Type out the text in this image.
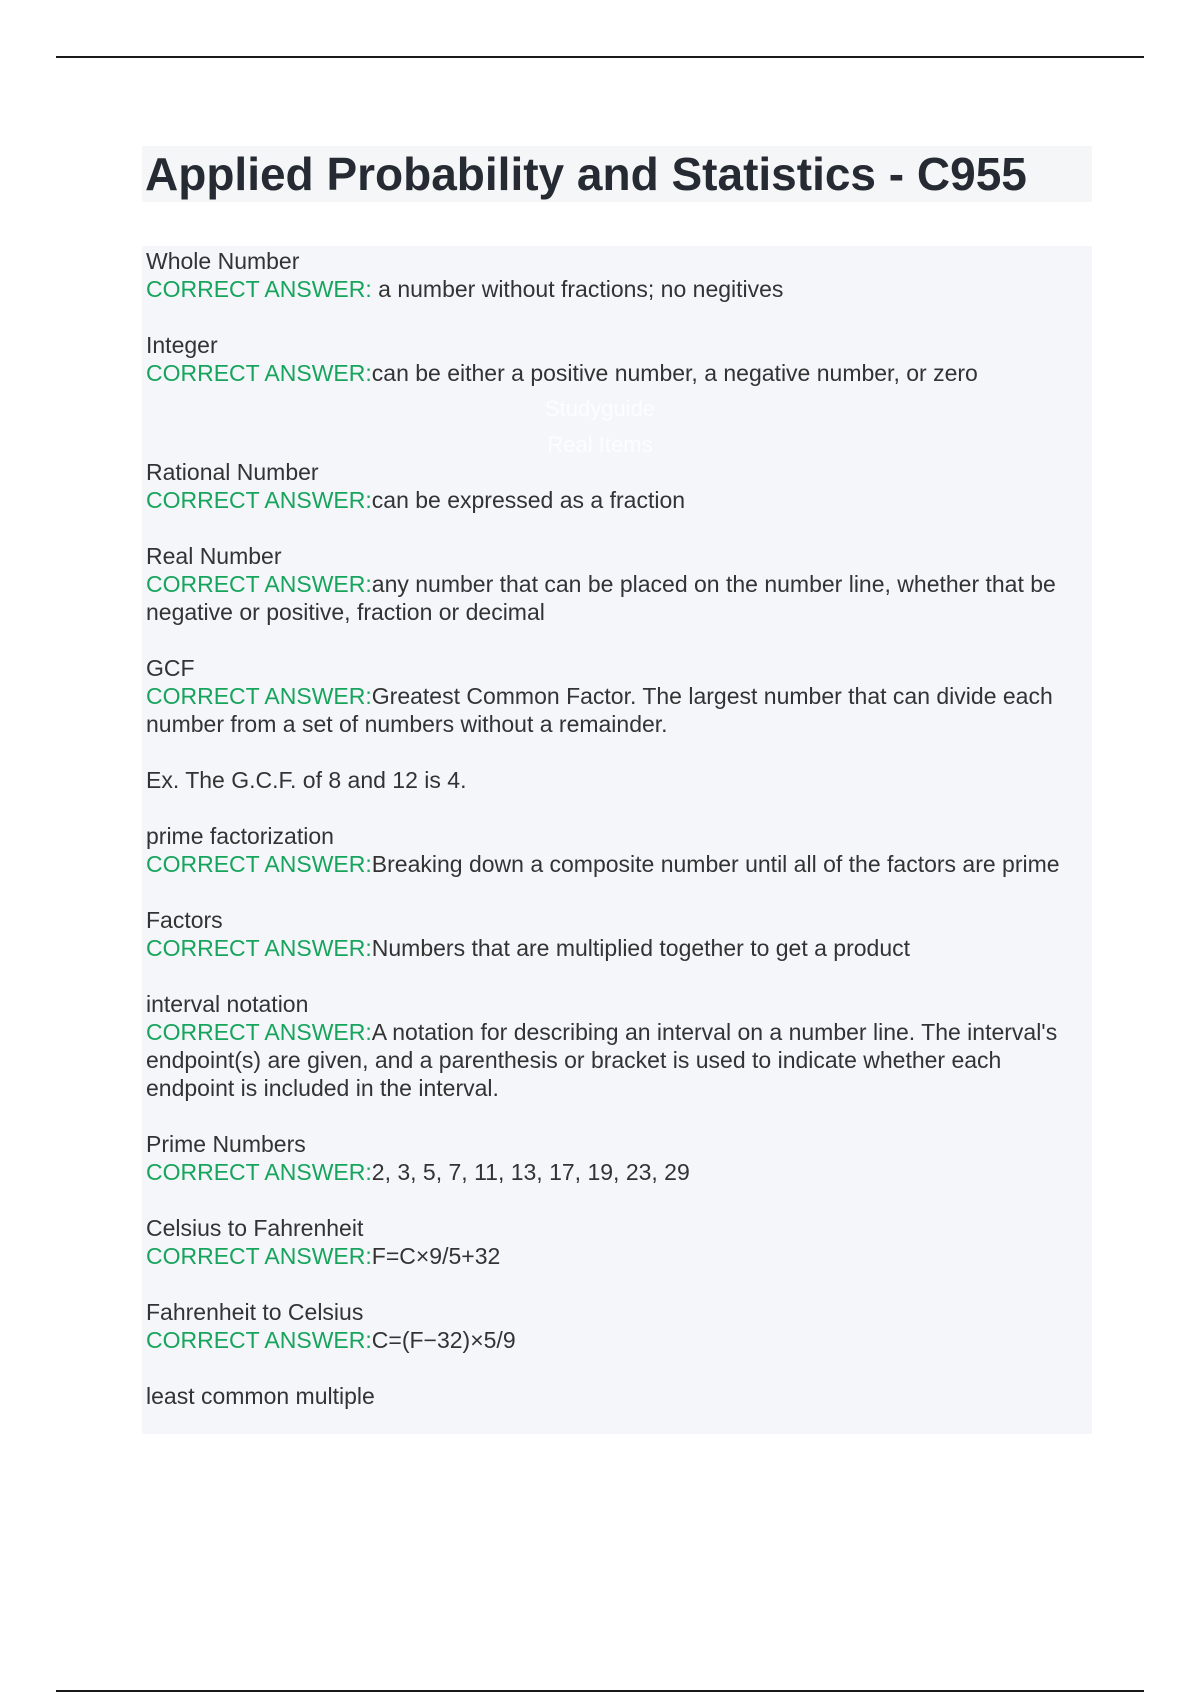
Applied Probability and Statistics - C955
Studyguide
Real Items

Whole Number
CORRECT ANSWER: a number without fractions; no negitives

Integer
CORRECT ANSWER:can be either a positive number, a negative number, or zero

Rational Number
CORRECT ANSWER:can be expressed as a fraction

Real Number
CORRECT ANSWER:any number that can be placed on the number line, whether that be negative or positive, fraction or decimal

GCF
CORRECT ANSWER:Greatest Common Factor. The largest number that can divide each number from a set of numbers without a remainder.

Ex. The G.C.F. of 8 and 12 is 4.

prime factorization
CORRECT ANSWER:Breaking down a composite number until all of the factors are prime

Factors
CORRECT ANSWER:Numbers that are multiplied together to get a product

interval notation
CORRECT ANSWER:A notation for describing an interval on a number line. The interval's endpoint(s) are given, and a parenthesis or bracket is used to indicate whether each endpoint is included in the interval.

Prime Numbers
CORRECT ANSWER:2, 3, 5, 7, 11, 13, 17, 19, 23, 29

Celsius to Fahrenheit
CORRECT ANSWER:F=C×9/5+32

Fahrenheit to Celsius
CORRECT ANSWER:C=(F−32)×5/9

least common multiple
